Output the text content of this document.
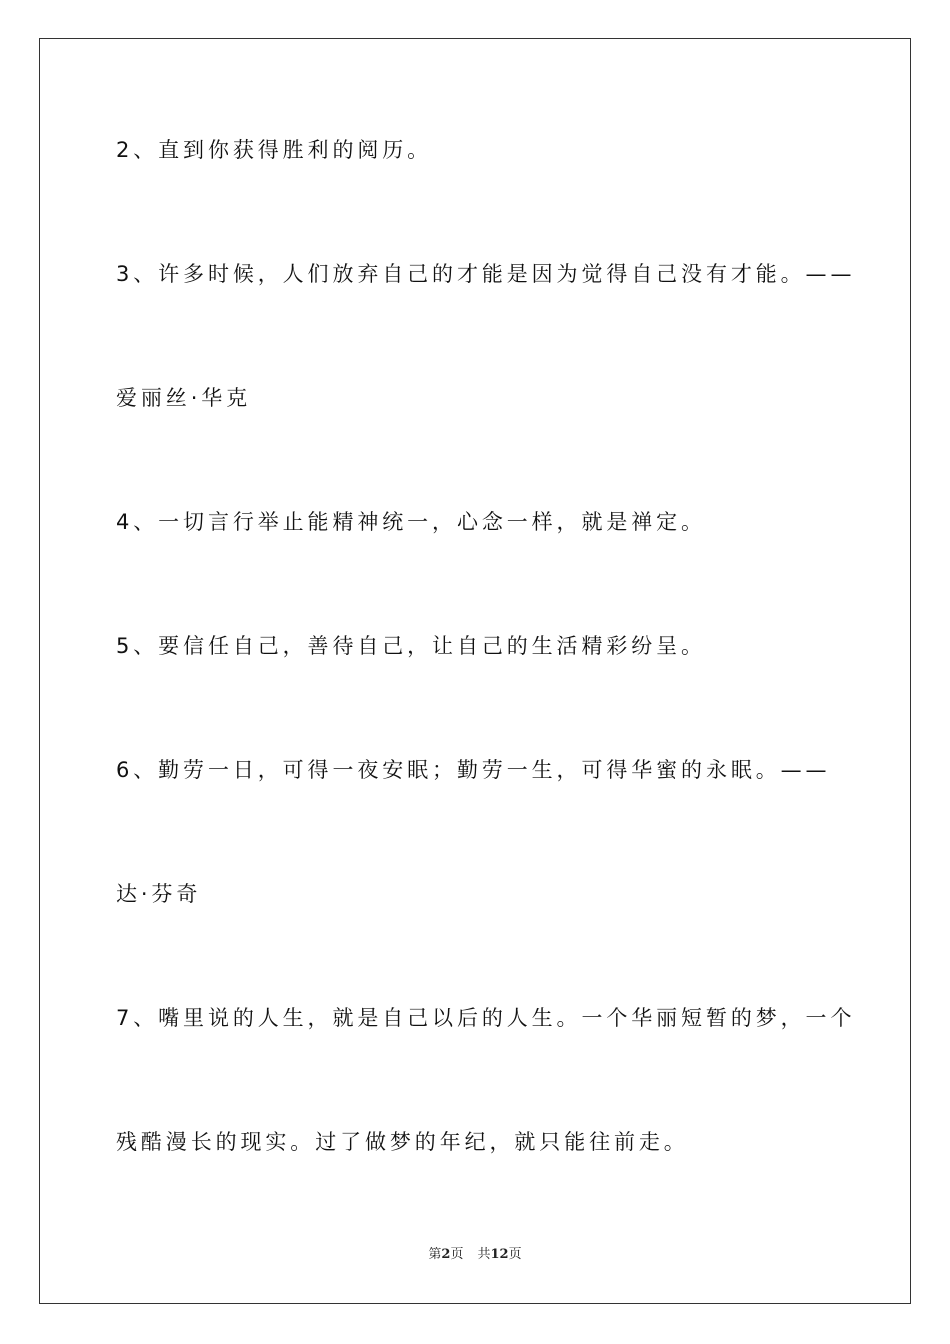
2、直到你获得胜利的阅历。

3、许多时候，人们放弃自己的才能是因为觉得自己没有才能。——

爱丽丝·华克

4、一切言行举止能精神统一，心念一样，就是禅定。

5、要信任自己，善待自己，让自己的生活精彩纷呈。

6、勤劳一日，可得一夜安眠；勤劳一生，可得华蜜的永眠。——

达·芬奇

7、嘴里说的人生，就是自己以后的人生。一个华丽短暂的梦，一个

残酷漫长的现实。过了做梦的年纪，就只能往前走。

第2页 共12页
